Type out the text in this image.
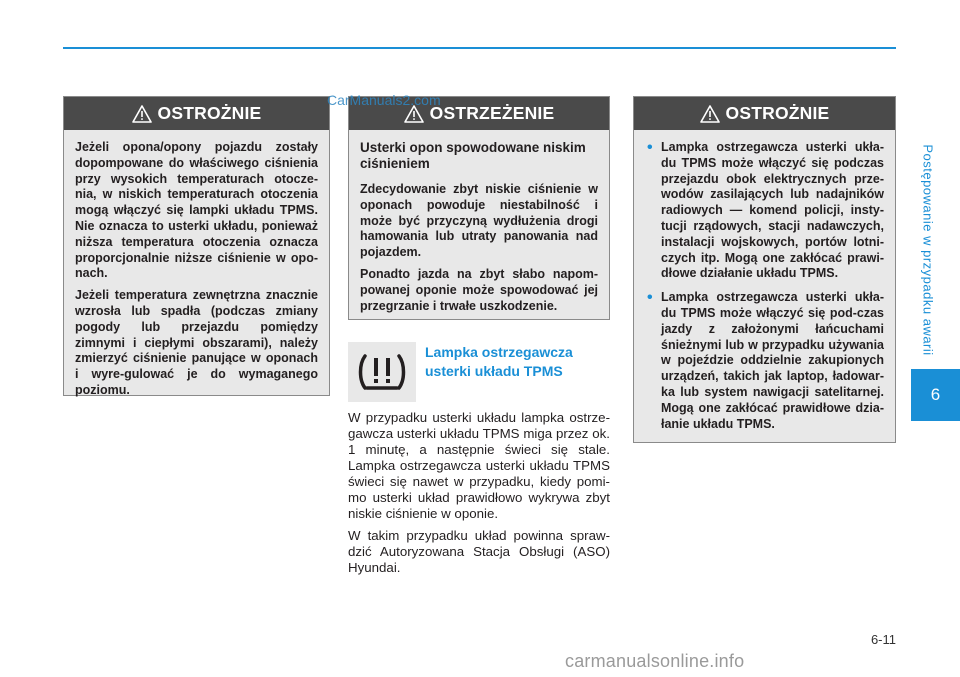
CarManuals2.com
OSTROŻNIE

Jeżeli opona/opony pojazdu zostały dopompowane do właściwego ciśnienia przy wysokich temperaturach otocze-nia, w niskich temperaturach otoczenia mogą włączyć się lampki układu TPMS. Nie oznacza to usterki układu, ponieważ niższa temperatura otoczenia oznacza proporcjonalnie niższe ciśnienie w opo-nach.

Jeżeli temperatura zewnętrzna znacznie wzrosła lub spadła (podczas zmiany pogody lub przejazdu pomiędzy zimnymi i ciepłymi obszarami), należy zmierzyć ciśnienie panujące w oponach i wyre-gulować je do wymaganego poziomu.

OSTRZEŻENIE

Usterki opon spowodowane niskim ciśnieniem

Zdecydowanie zbyt niskie ciśnienie w oponach powoduje niestabilność i może być przyczyną wydłużenia drogi hamowania lub utraty panowania nad pojazdem.

Ponadto jazda na zbyt słabo napom-powanej oponie może spowodować jej przegrzanie i trwałe uszkodzenie.

OSTROŻNIE
• Lampka ostrzegawcza usterki ukła-du TPMS może włączyć się podczas przejazdu obok elektrycznych prze-wodów zasilających lub nadajników radiowych — komend policji, insty-tucji rządowych, stacji nadawczych, instalacji wojskowych, portów lotni-czych itp. Mogą one zakłócać prawi-dłowe działanie układu TPMS.
• Lampka ostrzegawcza usterki ukła-du TPMS może włączyć się pod-czas jazdy z założonymi łańcuchami śnieżnymi lub w przypadku używania w pojeździe oddzielnie zakupionych urządzeń, takich jak laptop, ładowar-ka lub system nawigacji satelitarnej. Mogą one zakłócać prawidłowe dzia-łanie układu TPMS.
Lampka ostrzegawcza usterki układu TPMS

W przypadku usterki układu lampka ostrze-gawcza usterki układu TPMS miga przez ok. 1 minutę, a następnie świeci się stale. Lampka ostrzegawcza usterki układu TPMS świeci się nawet w przypadku, kiedy pomi-mo usterki układ prawidłowo wykrywa zbyt niskie ciśnienie w oponie.

W takim przypadku układ powinna spraw-dzić Autoryzowana Stacja Obsługi (ASO) Hyundai.

Postępowanie w przypadku awarii
6
6-11
carmanualsonline.info
